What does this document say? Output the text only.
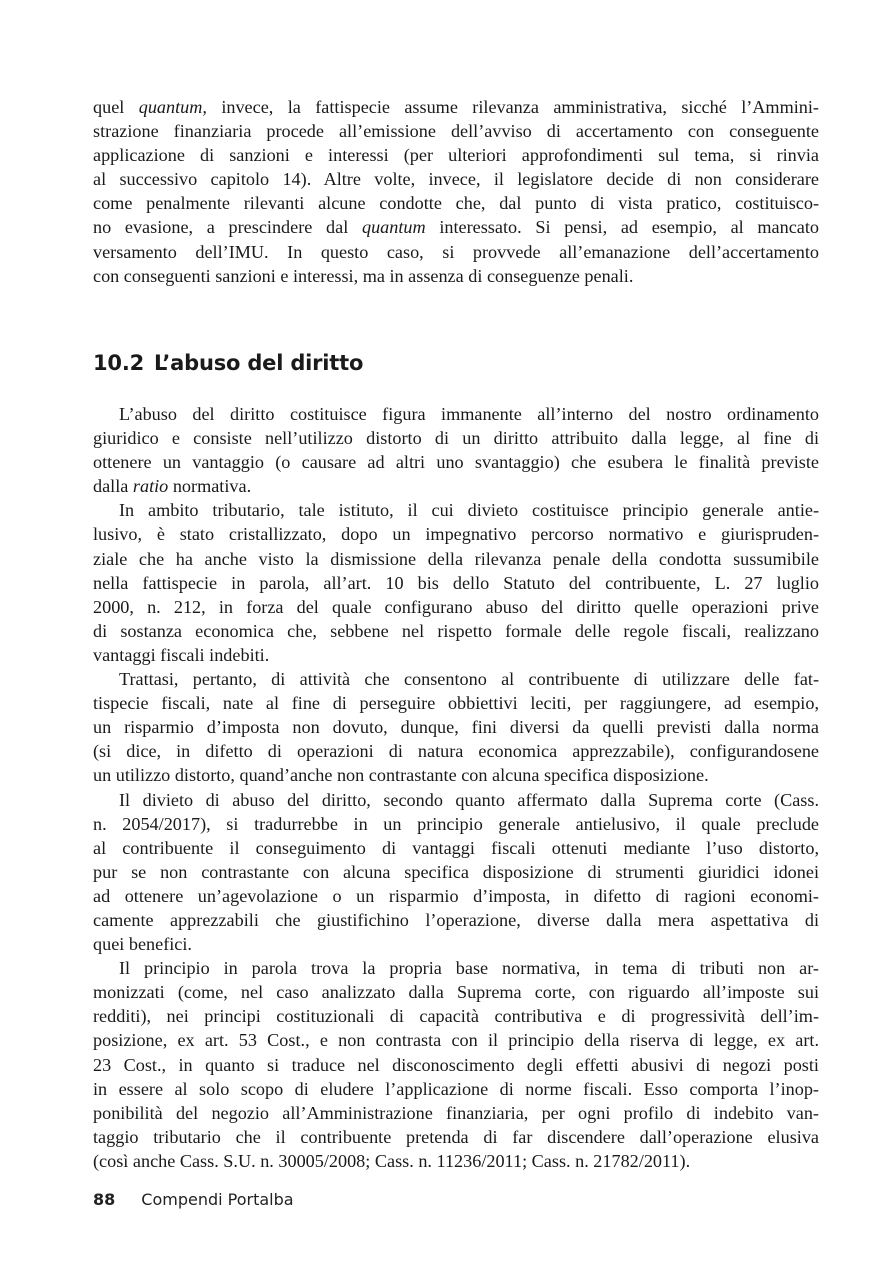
quel quantum, invece, la fattispecie assume rilevanza amministrativa, sicché l’Ammini-
strazione finanziaria procede all’emissione dell’avviso di accertamento con conseguente
applicazione di sanzioni e interessi (per ulteriori approfondimenti sul tema, si rinvia
al successivo capitolo 14). Altre volte, invece, il legislatore decide di non considerare
come penalmente rilevanti alcune condotte che, dal punto di vista pratico, costituisco-
no evasione, a prescindere dal quantum interessato. Si pensi, ad esempio, al mancato
versamento dell’IMU. In questo caso, si provvede all’emanazione dell’accertamento
con conseguenti sanzioni e interessi, ma in assenza di conseguenze penali.
10.2 L’abuso del diritto
L’abuso del diritto costituisce figura immanente all’interno del nostro ordinamento
giuridico e consiste nell’utilizzo distorto di un diritto attribuito dalla legge, al fine di
ottenere un vantaggio (o causare ad altri uno svantaggio) che esubera le finalità previste
dalla ratio normativa.
In ambito tributario, tale istituto, il cui divieto costituisce principio generale antie-
lusivo, è stato cristallizzato, dopo un impegnativo percorso normativo e giurispruden-
ziale che ha anche visto la dismissione della rilevanza penale della condotta sussumibile
nella fattispecie in parola, all’art. 10 bis dello Statuto del contribuente, L. 27 luglio
2000, n. 212, in forza del quale configurano abuso del diritto quelle operazioni prive
di sostanza economica che, sebbene nel rispetto formale delle regole fiscali, realizzano
vantaggi fiscali indebiti.
Trattasi, pertanto, di attività che consentono al contribuente di utilizzare delle fat-
tispecie fiscali, nate al fine di perseguire obbiettivi leciti, per raggiungere, ad esempio,
un risparmio d’imposta non dovuto, dunque, fini diversi da quelli previsti dalla norma
(si dice, in difetto di operazioni di natura economica apprezzabile), configurandosene
un utilizzo distorto, quand’anche non contrastante con alcuna specifica disposizione.
Il divieto di abuso del diritto, secondo quanto affermato dalla Suprema corte (Cass.
n. 2054/2017), si tradurrebbe in un principio generale antielusivo, il quale preclude
al contribuente il conseguimento di vantaggi fiscali ottenuti mediante l’uso distorto,
pur se non contrastante con alcuna specifica disposizione di strumenti giuridici idonei
ad ottenere un’agevolazione o un risparmio d’imposta, in difetto di ragioni economi-
camente apprezzabili che giustifichino l’operazione, diverse dalla mera aspettativa di
quei benefici.
Il principio in parola trova la propria base normativa, in tema di tributi non ar-
monizzati (come, nel caso analizzato dalla Suprema corte, con riguardo all’imposte sui
redditi), nei principi costituzionali di capacità contributiva e di progressività dell’im-
posizione, ex art. 53 Cost., e non contrasta con il principio della riserva di legge, ex art.
23 Cost., in quanto si traduce nel disconoscimento degli effetti abusivi di negozi posti
in essere al solo scopo di eludere l’applicazione di norme fiscali. Esso comporta l’inop-
ponibilità del negozio all’Amministrazione finanziaria, per ogni profilo di indebito van-
taggio tributario che il contribuente pretenda di far discendere dall’operazione elusiva
(così anche Cass. S.U. n. 30005/2008; Cass. n. 11236/2011; Cass. n. 21782/2011).
88 Compendi Portalba
